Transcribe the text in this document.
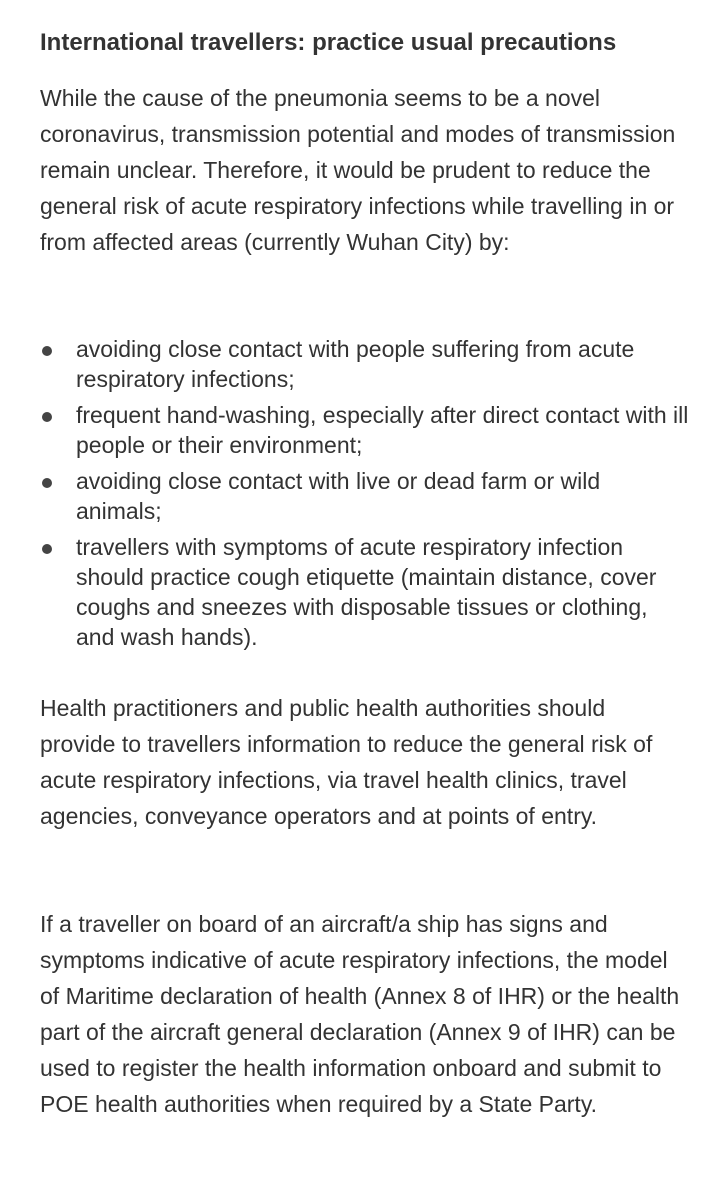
International travellers: practice usual precautions

While the cause of the pneumonia seems to be a novel coronavirus, transmission potential and modes of transmission remain unclear. Therefore, it would be prudent to reduce the general risk of acute respiratory infections while travelling in or from affected areas (currently Wuhan City) by:

avoiding close contact with people suffering from acute respiratory infections;
frequent hand-washing, especially after direct contact with ill people or their environment;
avoiding close contact with live or dead farm or wild animals;
travellers with symptoms of acute respiratory infection should practice cough etiquette (maintain distance, cover coughs and sneezes with disposable tissues or clothing, and wash hands).

Health practitioners and public health authorities should provide to travellers information to reduce the general risk of acute respiratory infections, via travel health clinics, travel agencies, conveyance operators and at points of entry.

If a traveller on board of an aircraft/a ship has signs and symptoms indicative of acute respiratory infections, the model of Maritime declaration of health (Annex 8 of IHR) or the health part of the aircraft general declaration (Annex 9 of IHR) can be used to register the health information onboard and submit to POE health authorities when required by a State Party.
